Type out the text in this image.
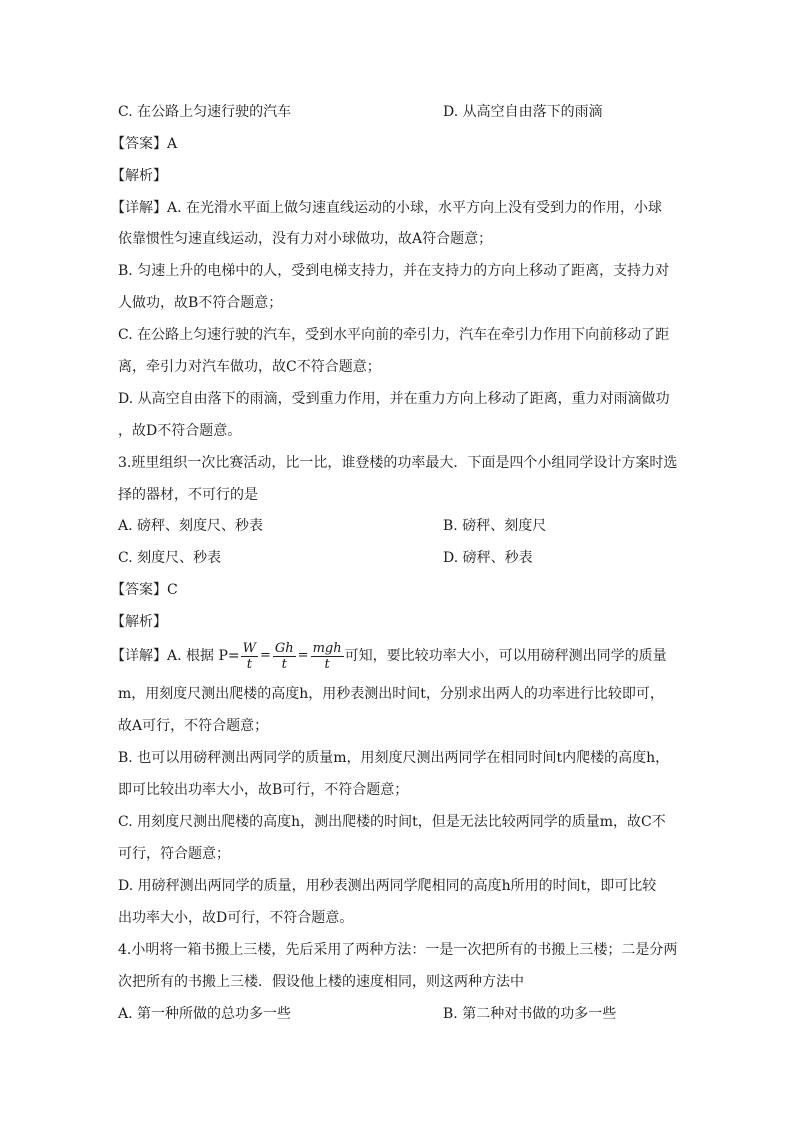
C. 在公路上匀速行驶的汽车	D. 从高空自由落下的雨滴
【答案】A
【解析】
【详解】A. 在光滑水平面上做匀速直线运动的小球，水平方向上没有受到力的作用，小球
依靠惯性匀速直线运动，没有力对小球做功，故A符合题意；
B. 匀速上升的电梯中的人，受到电梯支持力，并在支持力的方向上移动了距离，支持力对
人做功，故B不符合题意；
C. 在公路上匀速行驶的汽车，受到水平向前的牵引力，汽车在牵引力作用下向前移动了距
离，牵引力对汽车做功，故C不符合题意；
D. 从高空自由落下的雨滴，受到重力作用，并在重力方向上移动了距离，重力对雨滴做功
，故D不符合题意。
3.班里组织一次比赛活动，比一比，谁登楼的功率最大．下面是四个小组同学设计方案时选
择的器材，不可行的是
A. 磅秤、刻度尺、秒表	B. 磅秤、刻度尺
C. 刻度尺、秒表	D. 磅秤、秒表
【答案】C
【解析】
【详解】A. 根据 $P= \frac{W}{t} = \frac{Gh}{t} = \frac{\text{mgh}}{t}$ 可知，要比较功率大小，可以用磅秤测出同学的质量
m，用刻度尺测出爬楼的高度h，用秒表测出时间t，分别求出两人的功率进行比较即可，
故A可行，不符合题意；
B. 也可以用磅秤测出两同学的质量m，用刻度尺测出两同学在相同时间t内爬楼的高度h，
即可比较出功率大小，故B可行，不符合题意；
C. 用刻度尺测出爬楼的高度h，测出爬楼的时间t，但是无法比较两同学的质量m，故C不
可行，符合题意；
D. 用磅秤测出两同学的质量，用秒表测出两同学爬相同的高度h所用的时间t，即可比较
出功率大小，故D可行，不符合题意。
4.小明将一箱书搬上三楼，先后采用了两种方法：一是一次把所有的书搬上三楼；二是分两
次把所有的书搬上三楼．假设他上楼的速度相同，则这两种方法中
A. 第一种所做的总功多一些	B. 第二种对书做的功多一些
